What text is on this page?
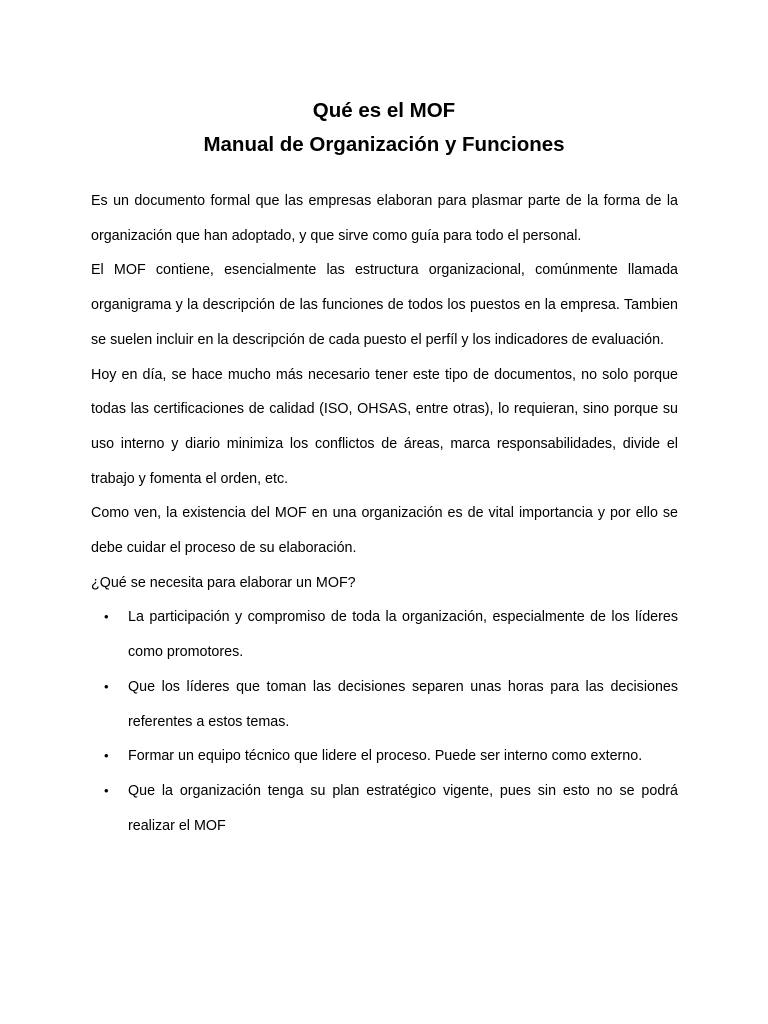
Qué es el MOF

Manual de Organización y Funciones

Es un documento formal que las empresas elaboran para plasmar parte de la forma de la organización que han adoptado, y que sirve como guía para todo el personal.

El MOF contiene, esencialmente las estructura organizacional, comúnmente llamada organigrama y la descripción de las funciones de todos los puestos en la empresa. Tambien se suelen incluir en la descripción de cada puesto el perfíl y los indicadores de evaluación.

Hoy en día, se hace mucho más necesario tener este tipo de documentos, no solo porque todas las certificaciones de calidad (ISO, OHSAS, entre otras), lo requieran, sino porque su uso interno y diario minimiza los conflictos de áreas, marca responsabilidades, divide el trabajo y fomenta el orden, etc.

Como ven, la existencia del MOF en una organización es de vital importancia y por ello se debe cuidar el proceso de su elaboración.

¿Qué se necesita para elaborar un MOF?

• La participación y compromiso de toda la organización, especialmente de los líderes como promotores.
• Que los líderes que toman las decisiones separen unas horas para las decisiones referentes a estos temas.
• Formar un equipo técnico que lidere el proceso. Puede ser interno como externo.
• Que la organización tenga su plan estratégico vigente, pues sin esto no se podrá realizar el MOF
